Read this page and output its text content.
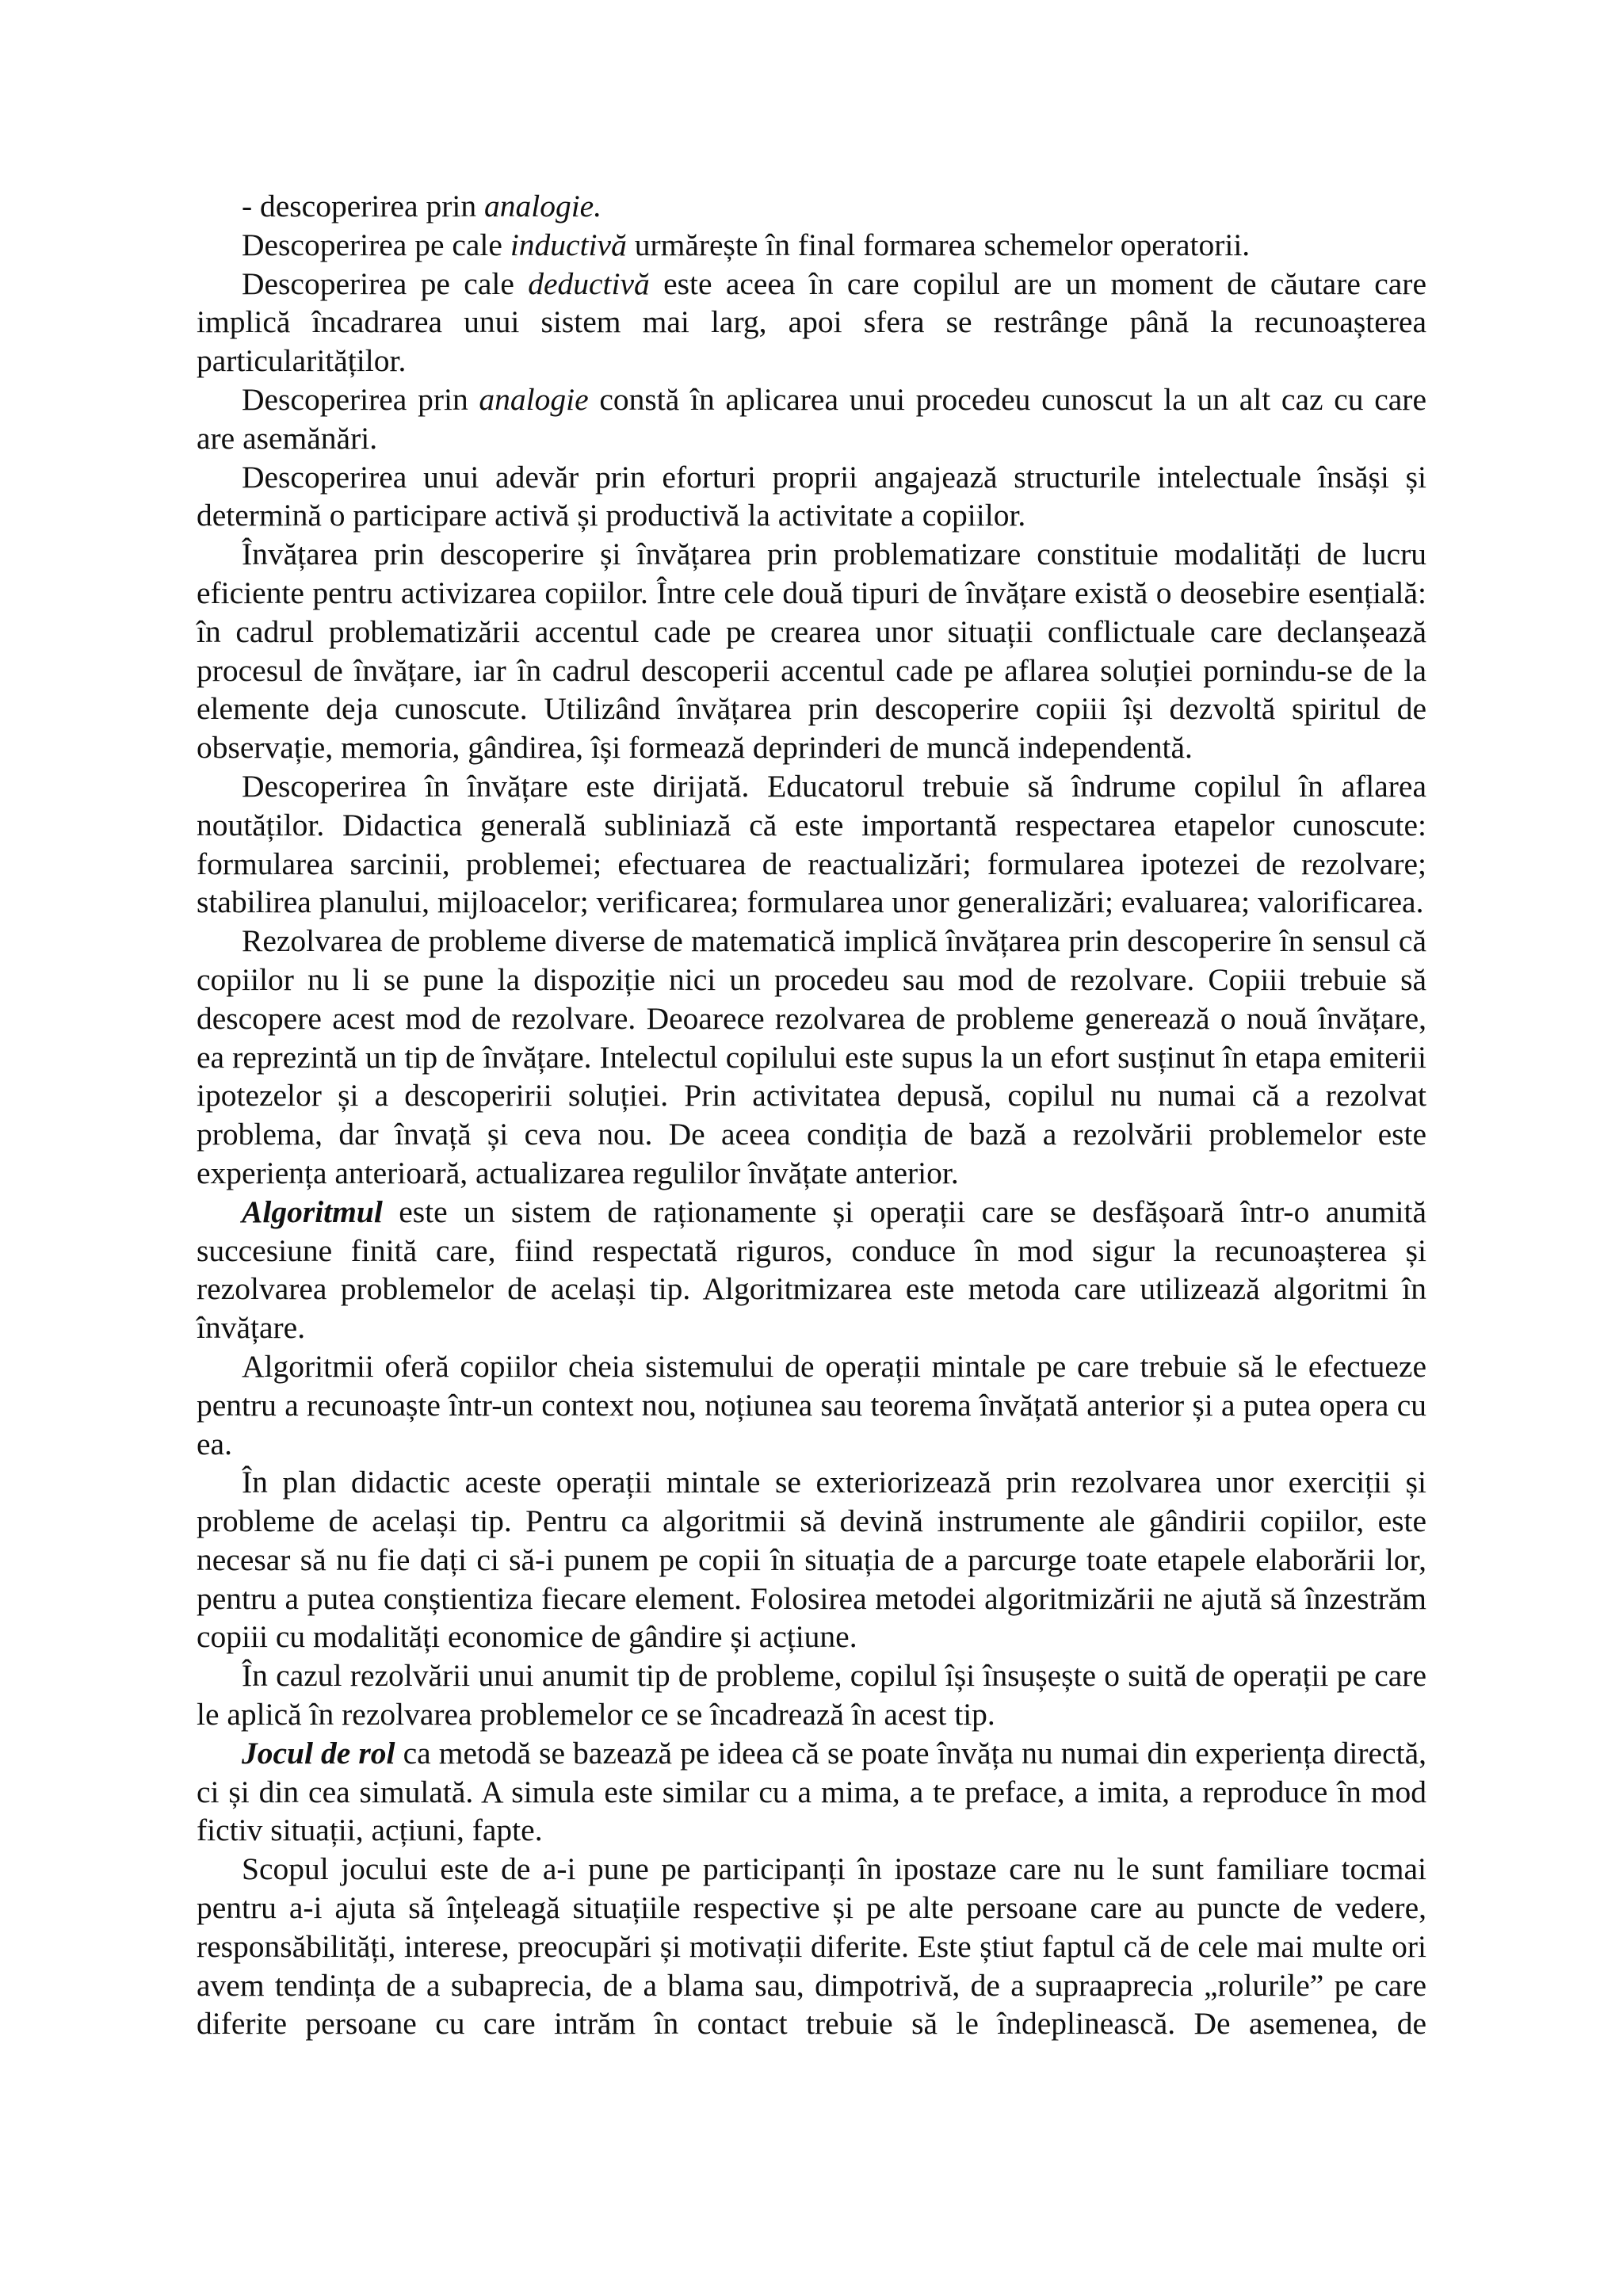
- descoperirea prin analogie.

Descoperirea pe cale inductivă urmărește în final formarea schemelor operatorii.

Descoperirea pe cale deductivă este aceea în care copilul are un moment de căutare care implică încadrarea unui sistem mai larg, apoi sfera se restrânge până la recunoașterea particularităților.

Descoperirea prin analogie constă în aplicarea unui procedeu cunoscut la un alt caz cu care are asemănări.

Descoperirea unui adevăr prin eforturi proprii angajează structurile intelectuale însăși și determină o participare activă și productivă la activitate a copiilor.

Învățarea prin descoperire și învățarea prin problematizare constituie modalități de lucru eficiente pentru activizarea copiilor. Între cele două tipuri de învățare există o deosebire esențială: în cadrul problematizării accentul cade pe crearea unor situații conflictuale care declanșează procesul de învățare, iar în cadrul descoperii accentul cade pe aflarea soluției pornindu-se de la elemente deja cunoscute. Utilizând învățarea prin descoperire copiii își dezvoltă spiritul de observație, memoria, gândirea, își formează deprinderi de muncă independentă.

Descoperirea în învățare este dirijată. Educatorul trebuie să îndrume copilul în aflarea noutăților. Didactica generală subliniază că este importantă respectarea etapelor cunoscute: formularea sarcinii, problemei; efectuarea de reactualizări; formularea ipotezei de rezolvare; stabilirea planului, mijloacelor; verificarea; formularea unor generalizări; evaluarea; valorificarea.

Rezolvarea de probleme diverse de matematică implică învățarea prin descoperire în sensul că copiilor nu li se pune la dispoziție nici un procedeu sau mod de rezolvare. Copiii trebuie să descopere acest mod de rezolvare. Deoarece rezolvarea de probleme generează o nouă învățare, ea reprezintă un tip de învățare. Intelectul copilului este supus la un efort susținut în etapa emiterii ipotezelor și a descoperirii soluției. Prin activitatea depusă, copilul nu numai că a rezolvat problema, dar învață și ceva nou. De aceea condiția de bază a rezolvării problemelor este experiența anterioară, actualizarea regulilor învățate anterior.

Algoritmul este un sistem de raționamente și operații care se desfășoară într-o anumită succesiune finită care, fiind respectată riguros, conduce în mod sigur la recunoașterea și rezolvarea problemelor de același tip. Algoritmizarea este metoda care utilizează algoritmi în învățare.

Algoritmii oferă copiilor cheia sistemului de operații mintale pe care trebuie să le efectueze pentru a recunoaște într-un context nou, noțiunea sau teorema învățată anterior și a putea opera cu ea.

În plan didactic aceste operații mintale se exteriorizează prin rezolvarea unor exerciții și probleme de același tip. Pentru ca algoritmii să devină instrumente ale gândirii copiilor, este necesar să nu fie dați ci să-i punem pe copii în situația de a parcurge toate etapele elaborării lor, pentru a putea conștientiza fiecare element. Folosirea metodei algoritmizării ne ajută să înzestrăm copiii cu modalități economice de gândire și acțiune.

În cazul rezolvării unui anumit tip de probleme, copilul își însușește o suită de operații pe care le aplică în rezolvarea problemelor ce se încadrează în acest tip.

Jocul de rol ca metodă se bazează pe ideea că se poate învăța nu numai din experiența directă, ci și din cea simulată. A simula este similar cu a mima, a te preface, a imita, a reproduce în mod fictiv situații, acțiuni, fapte.

Scopul jocului este de a-i pune pe participanți în ipostaze care nu le sunt familiare tocmai pentru a-i ajuta să înțeleagă situațiile respective și pe alte persoane care au puncte de vedere, responsăbilități, interese, preocupări și motivații diferite. Este știut faptul că de cele mai multe ori avem tendința de a subaprecia, de a blama sau, dimpotrivă, de a supraaprecia „rolurile” pe care diferite persoane cu care intrăm în contact trebuie să le îndeplinească. De asemenea, de
